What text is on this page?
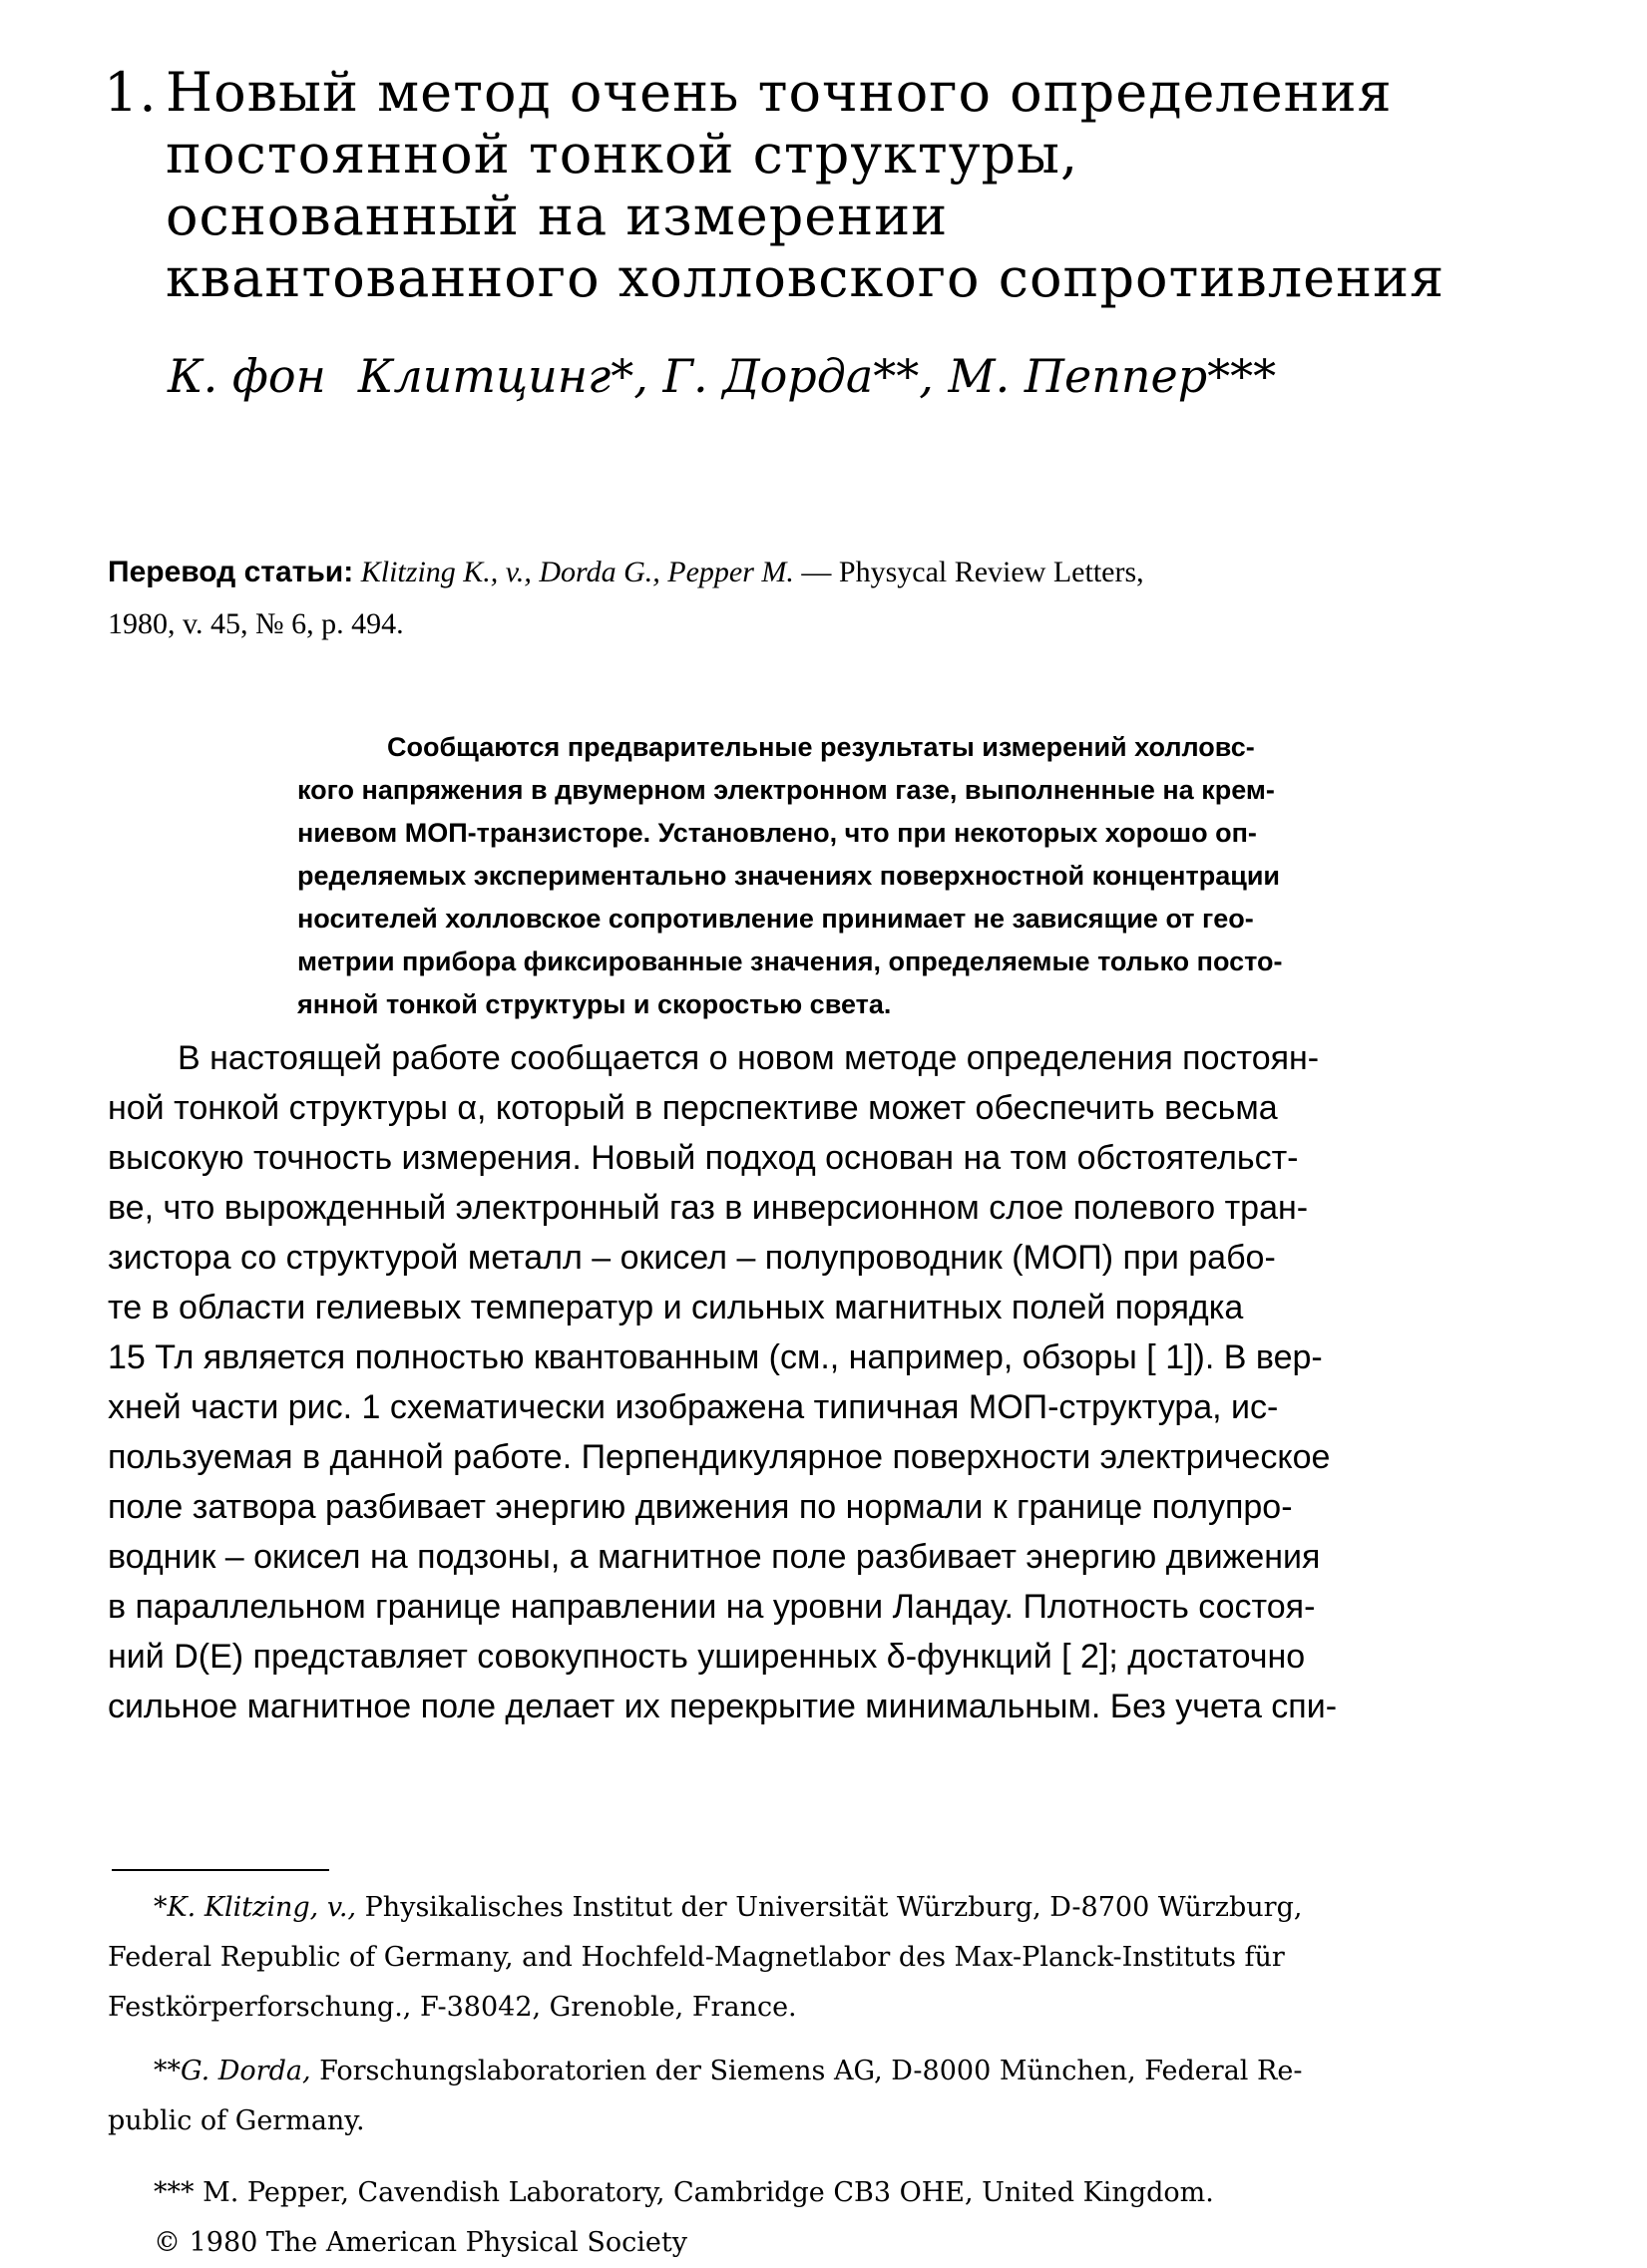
1. Новый метод очень точного определения
постоянной тонкой структуры,
основанный на измерении
квантованного холловского сопротивления
К. фон Клитцинг*, Г. Дорда**, М. Пеппер***
Перевод статьи: Klitzing K., v., Dorda G., Pepper M. — Physycal Review Letters,
1980, v. 45, № 6, p. 494.
Сообщаются предварительные результаты измерений холловс-
кого напряжения в двумерном электронном газе, выполненные на крем-
ниевом МОП-транзисторе. Установлено, что при некоторых хорошо оп-
ределяемых экспериментально значениях поверхностной концентрации
носителей холловское сопротивление принимает не зависящие от гео-
метрии прибора фиксированные значения, определяемые только посто-
янной тонкой структуры и скоростью света.
В настоящей работе сообщается о новом методе определения постоян-
ной тонкой структуры α, который в перспективе может обеспечить весьма
высокую точность измерения. Новый подход основан на том обстоятельст-
ве, что вырожденный электронный газ в инверсионном слое полевого тран-
зистора со структурой металл – окисел – полупроводник (МОП) при рабо-
те в области гелиевых температур и сильных магнитных полей порядка
15 Тл является полностью квантованным (см., например, обзоры [ 1]). В вер-
хней части рис. 1 схематически изображена типичная МОП-структура, ис-
пользуемая в данной работе. Перпендикулярное поверхности электрическое
поле затвора разбивает энергию движения по нормали к границе полупро-
водник – окисел на подзоны, а магнитное поле разбивает энергию движения
в параллельном границе направлении на уровни Ландау. Плотность состоя-
ний D(E) представляет совокупность уширенных δ-функций [ 2]; достаточно
сильное магнитное поле делает их перекрытие минимальным. Без учета спи-
*K. Klitzing, v., Physikalisches Institut der Universität Würzburg, D-8700 Würzburg,
Federal Republic of Germany, and Hochfeld-Magnetlabor des Max-Planck-Instituts für
Festkörperforschung., F-38042, Grenoble, France.
**G. Dorda, Forschungslaboratorien der Siemens AG, D-8000 München, Federal Re-
public of Germany.
*** M. Pepper, Cavendish Laboratory, Cambridge CB3 OHE, United Kingdom.
© 1980 The American Physical Society
